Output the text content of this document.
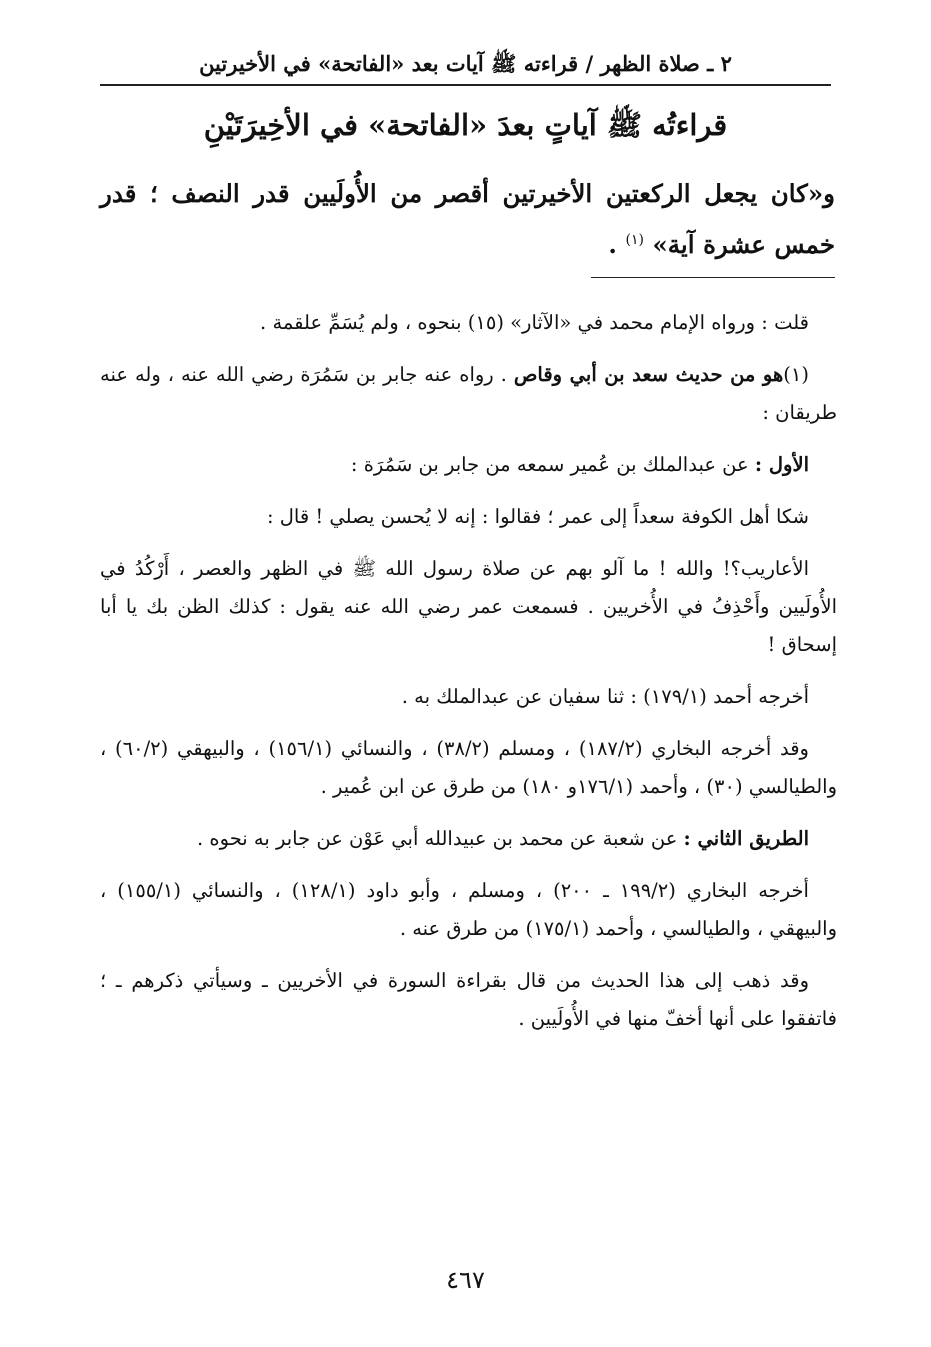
٢ ـ صلاة الظهر / قراءته ﷺ آيات بعد «الفاتحة» في الأخيرتين
قراءتُه ﷺ آياتٍ بعدَ «الفاتحة» في الأخِيرَتَيْنِ
و«كان يجعل الركعتين الأخيرتين أقصر من الأُولَيين قدر النصف ؛ قدر خمس عشرة آية» $^{(١)}$ .

قلت : ورواه الإمام محمد في «الآثار» (١٥) بنحوه ، ولم يُسَمِّ علقمة .

(١)هو من حديث سعد بن أبي وقاص . رواه عنه جابر بن سَمُرَة رضي الله عنه ، وله عنه طريقان :

الأول : عن عبدالملك بن عُمير سمعه من جابر بن سَمُرَة :

شكا أهل الكوفة سعداً إلى عمر ؛ فقالوا : إنه لا يُحسن يصلي ! قال :

الأعاريب؟! والله ! ما آلو بهم عن صلاة رسول الله ﷺ في الظهر والعصر ، أَرْكُدُ في الأُولَيين وأَحْذِفُ في الأُخريين . فسمعت عمر رضي الله عنه يقول : كذلك الظن بك يا أبا إسحاق !

أخرجه أحمد (١٧٩/١) : ثنا سفيان عن عبدالملك به .

وقد أخرجه البخاري (١٨٧/٢) ، ومسلم (٣٨/٢) ، والنسائي (١٥٦/١) ، والبيهقي (٦٠/٢) ، والطيالسي (٣٠) ، وأحمد (١٧٦/١و ١٨٠) من طرق عن ابن عُمير .

الطريق الثاني : عن شعبة عن محمد بن عبيدالله أبي عَوْن عن جابر به نحوه .

أخرجه البخاري (١٩٩/٢ ـ ٢٠٠) ، ومسلم ، وأبو داود (١٢٨/١) ، والنسائي (١٥٥/١) ، والبيهقي ، والطيالسي ، وأحمد (١٧٥/١) من طرق عنه .

وقد ذهب إلى هذا الحديث من قال بقراءة السورة في الأخريين ـ وسيأتي ذكرهم ـ ؛ فاتفقوا على أنها أخفّ منها في الأُولَيين .

٤٦٧
